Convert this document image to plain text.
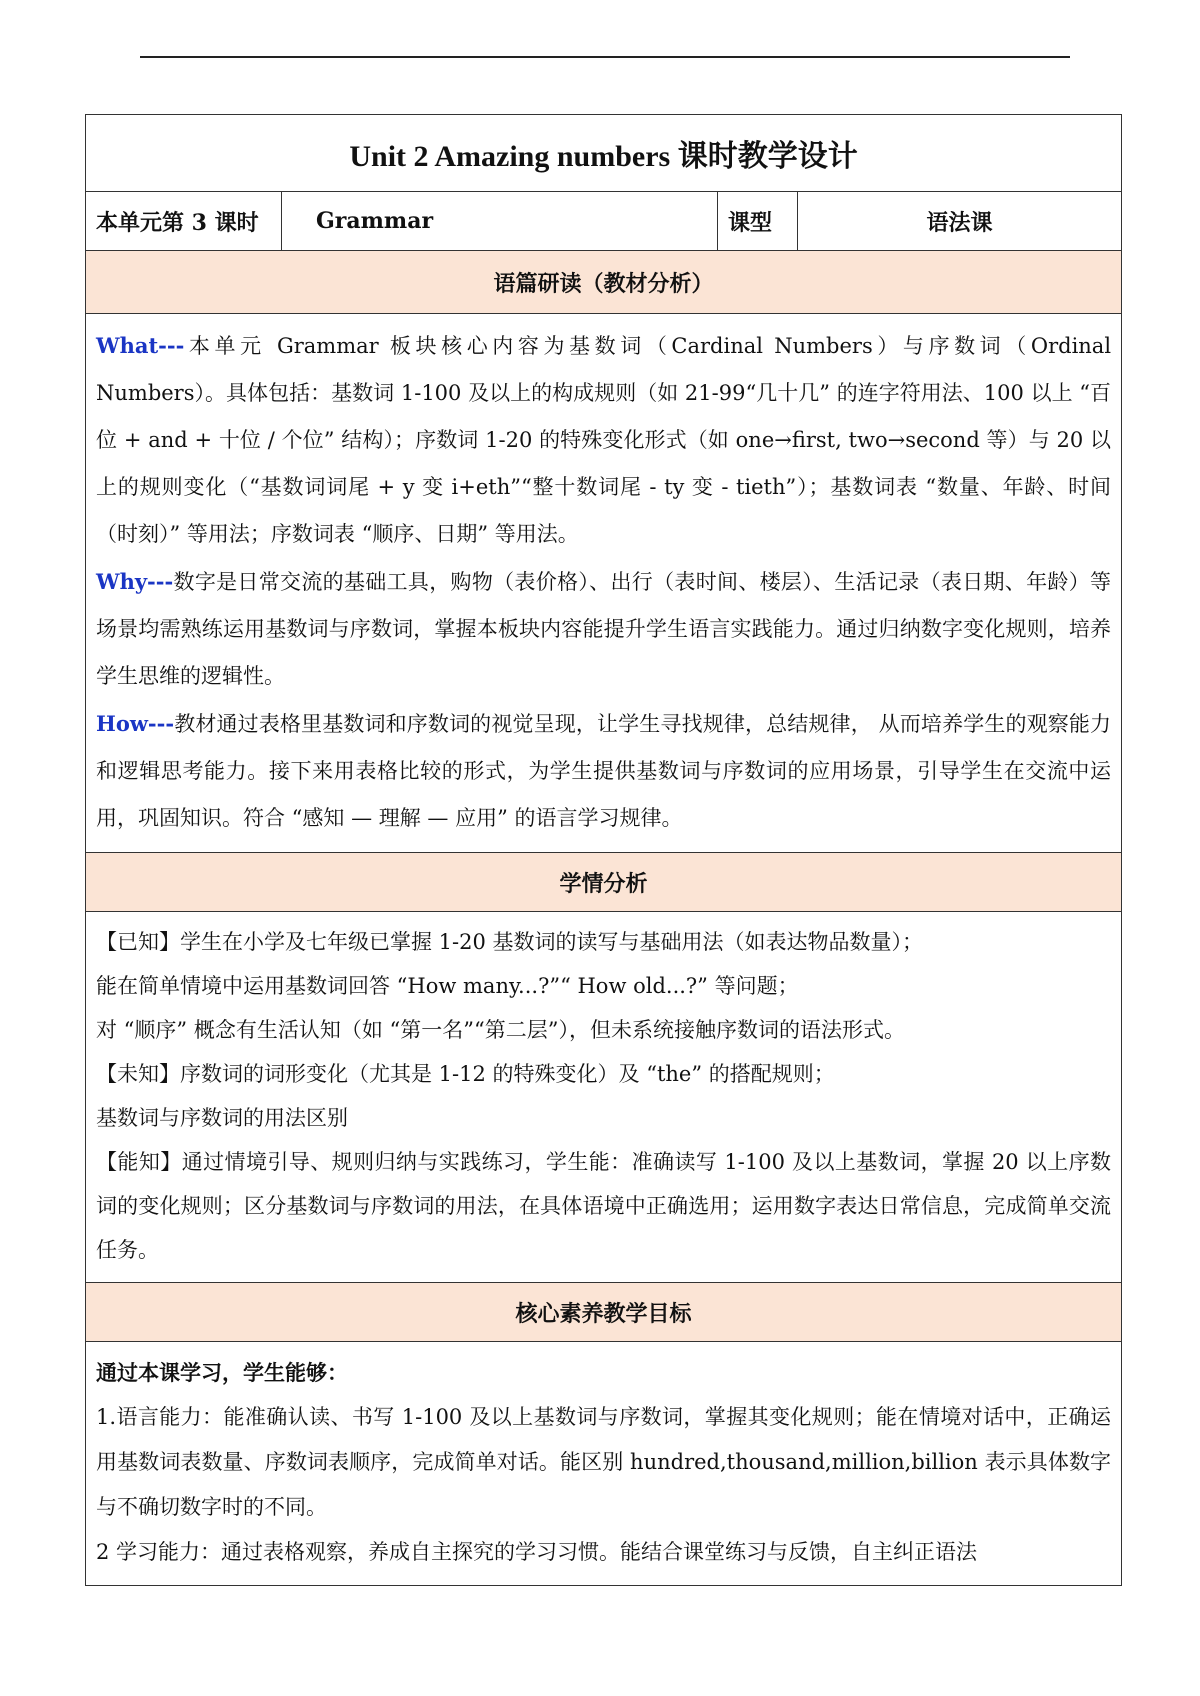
Unit 2 Amazing numbers 课时教学设计
本单元第 3 课时	Grammar	课型	语法课
语篇研读（教材分析）

What---本单元 Grammar 板块核心内容为基数词（Cardinal Numbers）与序数词（Ordinal Numbers）。具体包括：基数词 1-100 及以上的构成规则（如 21-99“几十几” 的连字符用法、100 以上 “百位 + and + 十位 / 个位” 结构）；序数词 1-20 的特殊变化形式（如 one→first, two→second 等）与 20 以上的规则变化（“基数词词尾 + y 变 i+eth”“整十数词尾 - ty 变 - tieth”）；基数词表 “数量、年龄、时间（时刻）” 等用法；序数词表 “顺序、日期” 等用法。

Why---数字是日常交流的基础工具，购物（表价格）、出行（表时间、楼层）、生活记录（表日期、年龄）等场景均需熟练运用基数词与序数词，掌握本板块内容能提升学生语言实践能力。通过归纳数字变化规则，培养学生思维的逻辑性。

How---教材通过表格里基数词和序数词的视觉呈现，让学生寻找规律，总结规律， 从而培养学生的观察能力和逻辑思考能力。接下来用表格比较的形式，为学生提供基数词与序数词的应用场景，引导学生在交流中运用，巩固知识。符合 “感知 — 理解 — 应用” 的语言学习规律。

学情分析

【已知】学生在小学及七年级已掌握 1-20 基数词的读写与基础用法（如表达物品数量）；

能在简单情境中运用基数词回答 “How many...?”“ How old...?” 等问题；

对 “顺序” 概念有生活认知（如 “第一名”“第二层”），但未系统接触序数词的语法形式。

【未知】序数词的词形变化（尤其是 1-12 的特殊变化）及 “the” 的搭配规则；

基数词与序数词的用法区别

【能知】通过情境引导、规则归纳与实践练习，学生能：准确读写 1-100 及以上基数词，掌握 20 以上序数词的变化规则；区分基数词与序数词的用法，在具体语境中正确选用；运用数字表达日常信息，完成简单交流任务。

核心素养教学目标

通过本课学习，学生能够：

1.语言能力：能准确认读、书写 1-100 及以上基数词与序数词，掌握其变化规则；能在情境对话中，正确运用基数词表数量、序数词表顺序，完成简单对话。能区别 hundred,thousand,million,billion 表示具体数字与不确切数字时的不同。

2 学习能力：通过表格观察，养成自主探究的学习习惯。能结合课堂练习与反馈，自主纠正语法
